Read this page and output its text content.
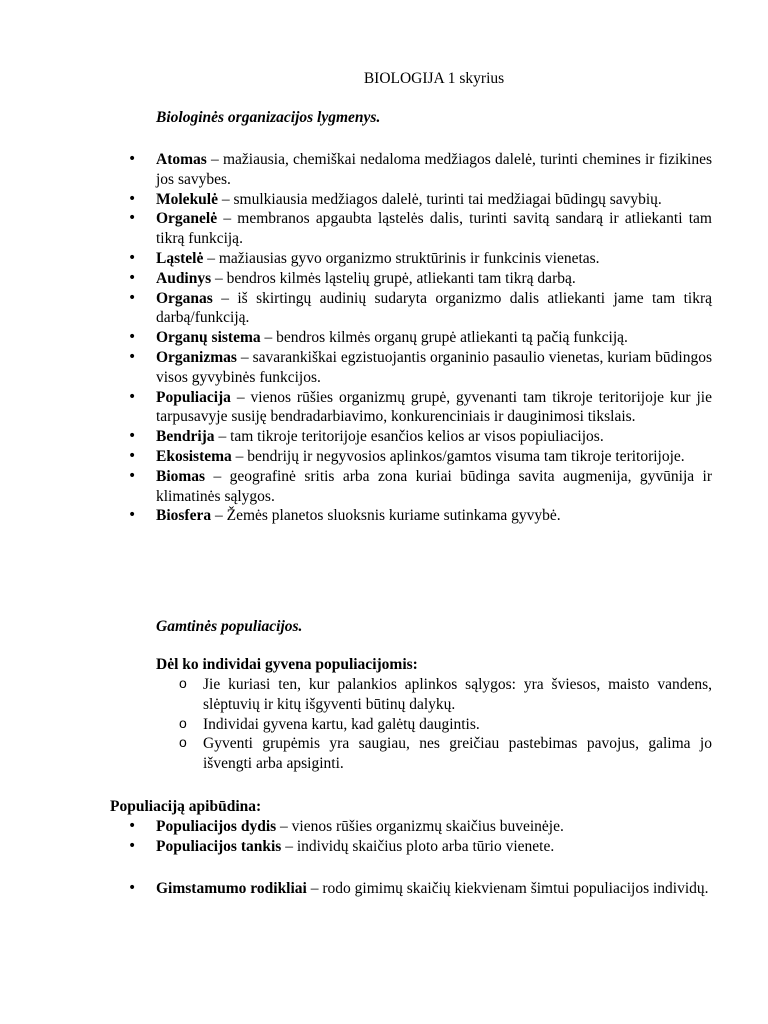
BIOLOGIJA 1 skyrius
Biologinės organizacijos lygmenys.
• Atomas – mažiausia, chemiškai nedaloma medžiagos dalelė, turinti chemines ir fizikines jos savybes.
• Molekulė – smulkiausia medžiagos dalelė, turinti tai medžiagai būdingų savybių.
• Organelė – membranos apgaubta ląstelės dalis, turinti savitą sandarą ir atliekanti tam tikrą funkciją.
• Ląstelė – mažiausias gyvo organizmo struktūrinis ir funkcinis vienetas.
• Audinys – bendros kilmės ląstelių grupė, atliekanti tam tikrą darbą.
• Organas – iš skirtingų audinių sudaryta organizmo dalis atliekanti jame tam tikrą darbą/funkciją.
• Organų sistema – bendros kilmės organų grupė atliekanti tą pačią funkciją.
• Organizmas – savarankiškai egzistuojantis organinio pasaulio vienetas, kuriam būdingos visos gyvybinės funkcijos.
• Populiacija – vienos rūšies organizmų grupė, gyvenanti tam tikroje teritorijoje kur jie tarpusavyje susiję bendradarbiavimo, konkurenciniais ir dauginimosi tikslais.
• Bendrija – tam tikroje teritorijoje esančios kelios ar visos popiuliacijos.
• Ekosistema – bendrijų ir negyvosios aplinkos/gamtos visuma tam tikroje teritorijoje.
• Biomas – geografinė sritis arba zona kuriai būdinga savita augmenija, gyvūnija ir klimatinės sąlygos.
• Biosfera – Žemės planetos sluoksnis kuriame sutinkama gyvybė.
Gamtinės populiacijos.
Dėl ko individai gyvena populiacijomis:
o Jie kuriasi ten, kur palankios aplinkos sąlygos: yra šviesos, maisto vandens, slėptuvių ir kitų išgyventi būtinų dalykų.
o Individai gyvena kartu, kad galėtų daugintis.
o Gyventi grupėmis yra saugiau, nes greičiau pastebimas pavojus, galima jo išvengti arba apsiginti.
Populiaciją apibūdina:
• Populiacijos dydis – vienos rūšies organizmų skaičius buveinėje.
• Populiacijos tankis – individų skaičius ploto arba tūrio vienete.
• Gimstamumo rodikliai – rodo gimimų skaičių kiekvienam šimtui populiacijos individų.
